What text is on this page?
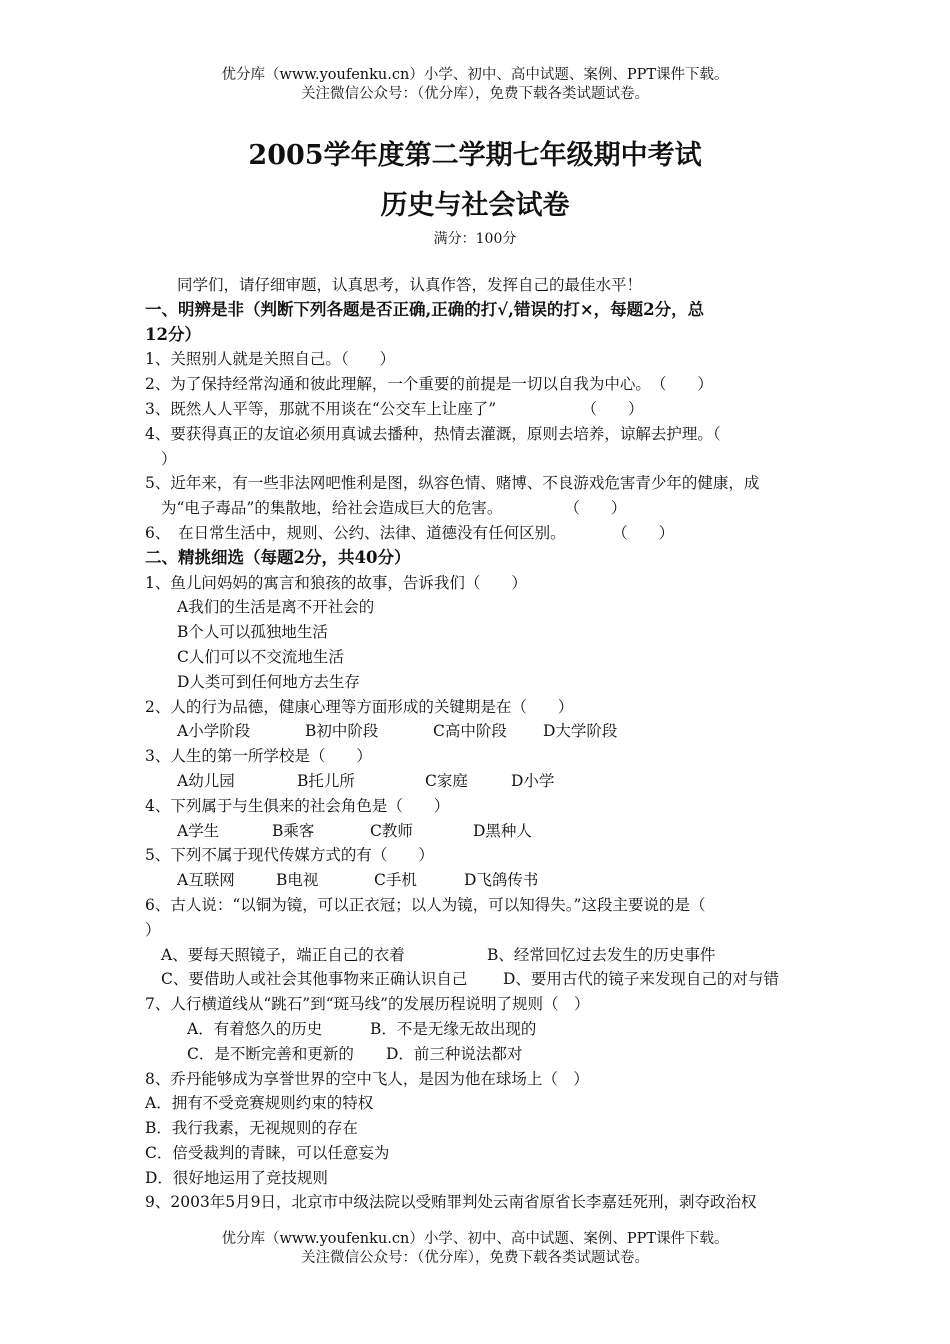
优分库（www.youfenku.cn）小学、初中、高中试题、案例、PPT课件下载。
关注微信公众号：（优分库），免费下载各类试题试卷。
2005学年度第二学期七年级期中考试
历史与社会试卷
满分：100分
同学们，请仔细审题，认真思考，认真作答，发挥自己的最佳水平！
一、明辨是非（判断下列各题是否正确,正确的打√,错误的打×，每题2分，总
12分）
1、关照别人就是关照自己。（　　）
2、为了保持经常沟通和彼此理解，一个重要的前提是一切以自我为中心。　（　　）
3、既然人人平等，那就不用谈在“公交车上让座了”　　　　　　（　　）
4、要获得真正的友谊必须用真诚去播种，热情去灌溉，原则去培养，谅解去护理。（
）
5、近年来，有一些非法网吧惟利是图，纵容色情、赌博、不良游戏危害青少年的健康，成
为“电子毒品”的集散地，给社会造成巨大的危害。　　　　　（　　）
6、　在日常生活中，规则、公约、法律、道德没有任何区别。　　　　（　　）
二、精挑细选（每题2分，共40分）
1、鱼儿问妈妈的寓言和狼孩的故事，告诉我们（　　）
A我们的生活是离不开社会的
B个人可以孤独地生活
C人们可以不交流地生活
D人类可到任何地方去生存
2、人的行为品德，健康心理等方面形成的关键期是在（　　）
A小学阶段	B初中阶段	C高中阶段	D大学阶段
3、人生的第一所学校是（　　）
A幼儿园	B托儿所	C家庭	D小学
4、下列属于与生俱来的社会角色是（　　）
A学生	B乘客	C教师	D黑种人
5、下列不属于现代传媒方式的有（　　）
A互联网	B电视	C手机	D飞鸽传书
6、古人说：“以铜为镜，可以正衣冠；以人为镜，可以知得失。”这段主要说的是（
）
A、要每天照镜子，端正自己的衣着	B、经常回忆过去发生的历史事件
C、要借助人或社会其他事物来正确认识自己	D、要用古代的镜子来发现自己的对与错
7、人行横道线从“跳石”到“斑马线”的发展历程说明了规则（　）
A．有着悠久的历史	B．不是无缘无故出现的
C．是不断完善和更新的	D．前三种说法都对
8、乔丹能够成为享誉世界的空中飞人，是因为他在球场上（　）
A．拥有不受竞赛规则约束的特权
B．我行我素，无视规则的存在
C．倍受裁判的青睐，可以任意妄为
D．很好地运用了竞技规则
9、2003年5月9日，北京市中级法院以受贿罪判处云南省原省长李嘉廷死刑，剥夺政治权
优分库（www.youfenku.cn）小学、初中、高中试题、案例、PPT课件下载。
关注微信公众号：（优分库），免费下载各类试题试卷。
